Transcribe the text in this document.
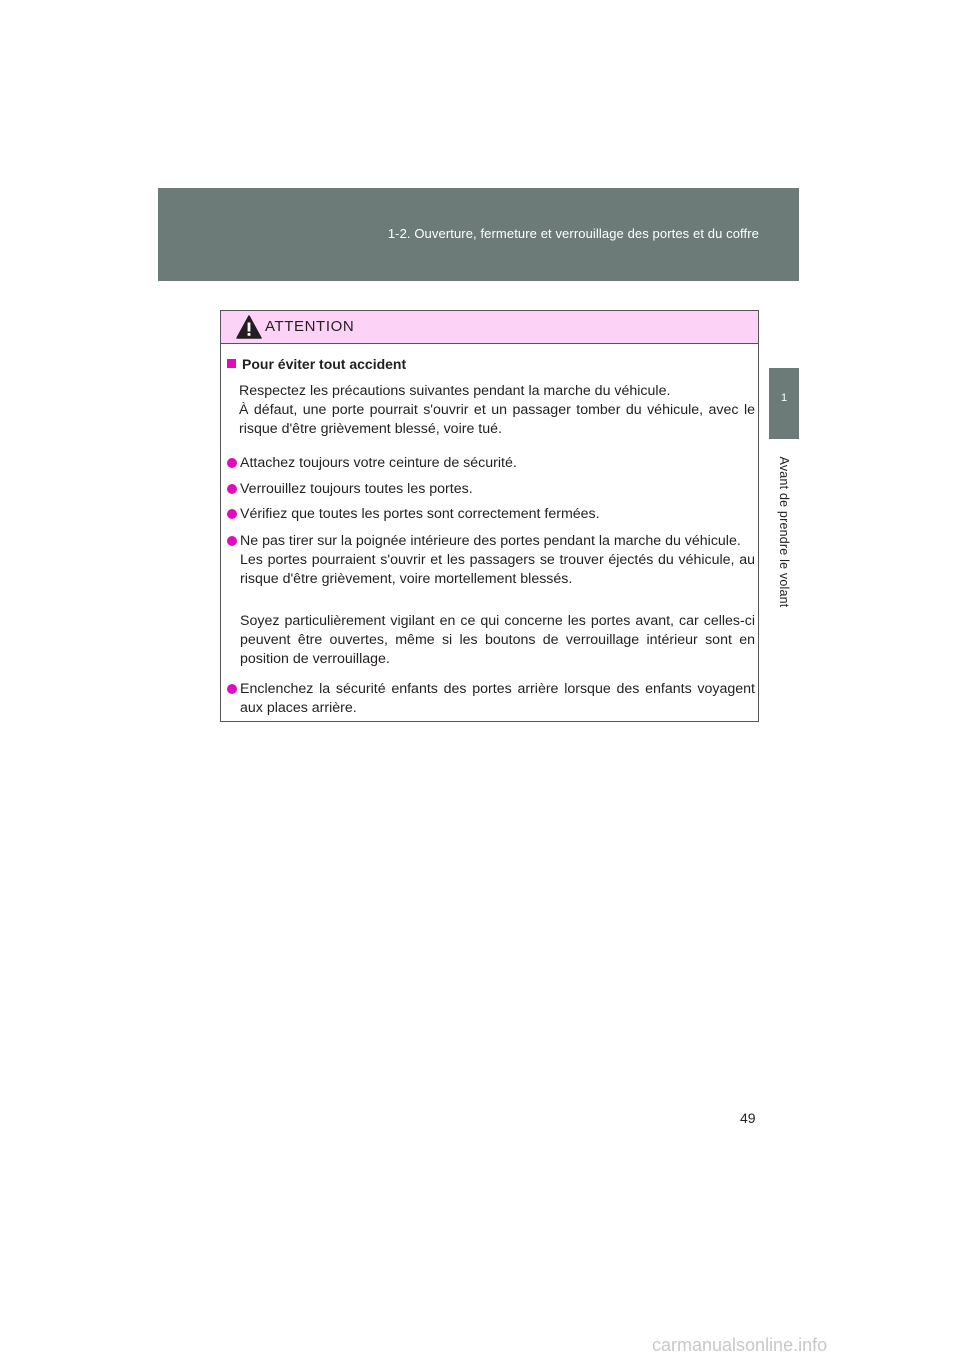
1-2. Ouverture, fermeture et verrouillage des portes et du coffre
1
Avant de prendre le volant
ATTENTION
Pour éviter tout accident
Respectez les précautions suivantes pendant la marche du véhicule.
À défaut, une porte pourrait s'ouvrir et un passager tomber du véhicule, avec le risque d'être grièvement blessé, voire tué.
Attachez toujours votre ceinture de sécurité.
Verrouillez toujours toutes les portes.
Vérifiez que toutes les portes sont correctement fermées.
Ne pas tirer sur la poignée intérieure des portes pendant la marche du véhicule.
Les portes pourraient s'ouvrir et les passagers se trouver éjectés du véhicule, au risque d'être grièvement, voire mortellement blessés.
Soyez particulièrement vigilant en ce qui concerne les portes avant, car celles-ci peuvent être ouvertes, même si les boutons de verrouillage intérieur sont en position de verrouillage.
Enclenchez la sécurité enfants des portes arrière lorsque des enfants voyagent aux places arrière.
49
carmanualsonline.info
